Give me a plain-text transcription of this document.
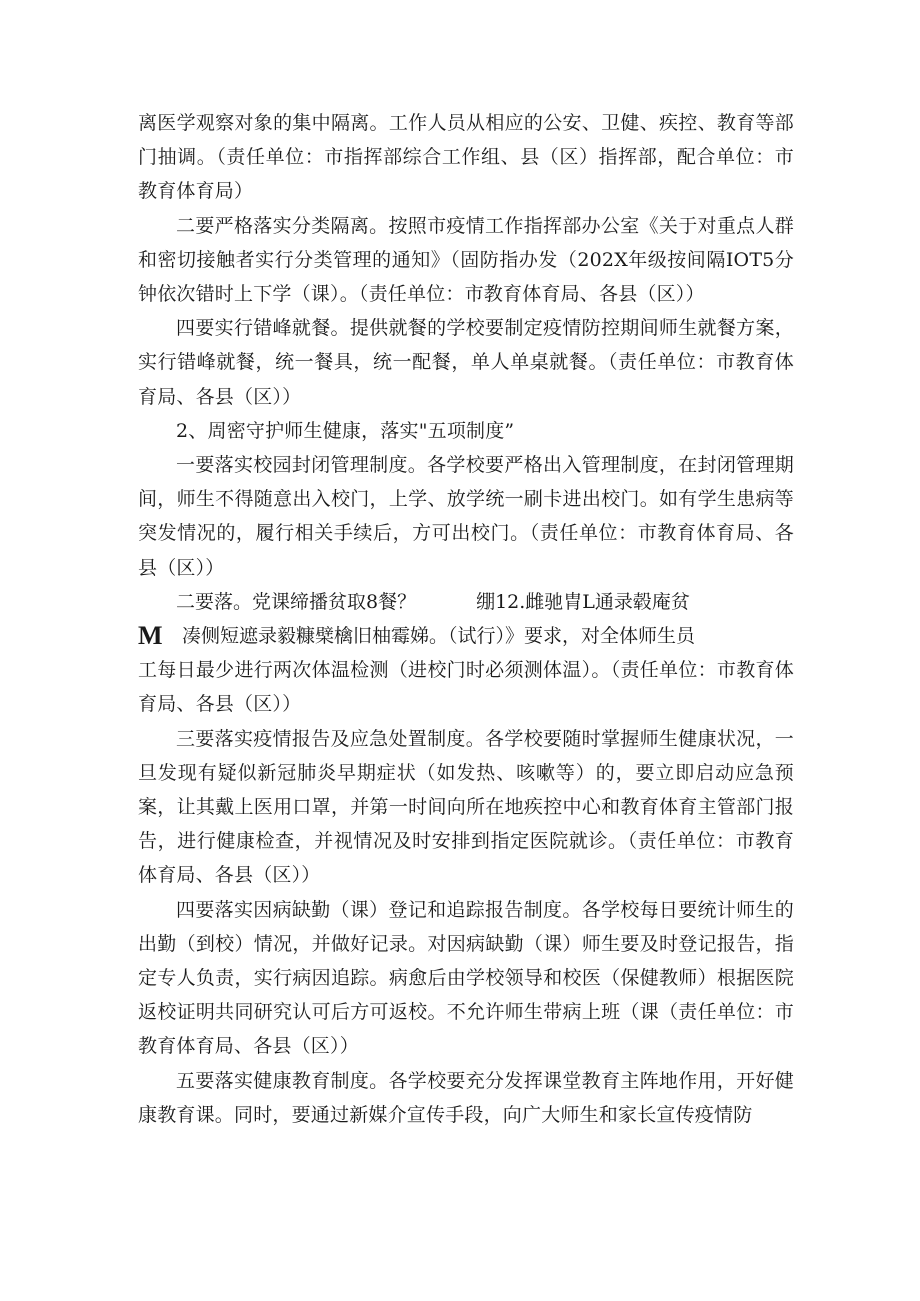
离医学观察对象的集中隔离。工作人员从相应的公安、卫健、疾控、教育等部门抽调。（责任单位：市指挥部综合工作组、县（区）指挥部，配合单位：市教育体育局）

二要严格落实分类隔离。按照市疫情工作指挥部办公室《关于对重点人群和密切接触者实行分类管理的通知》（固防指办发（202X年级按间隔IOT5分钟依次错时上下学（课）。（责任单位：市教育体育局、各县（区））

四要实行错峰就餐。提供就餐的学校要制定疫情防控期间师生就餐方案，实行错峰就餐，统一餐具，统一配餐，单人单桌就餐。（责任单位：市教育体育局、各县（区））

2、周密守护师生健康，落实"五项制度”

一要落实校园封闭管理制度。各学校要严格出入管理制度，在封闭管理期间，师生不得随意出入校门，上学、放学统一刷卡进出校门。如有学生患病等突发情况的，履行相关手续后，方可出校门。（责任单位：市教育体育局、各县（区））

二要落。党课缔播贫取8餐？	绷12.雌驰胄L通录毂庵贫
M 凑侧短遮录毅糠檗檎旧柚霉娣。（试行）》要求，对全体师生员
工每日最少进行两次体温检测（进校门时必须测体温）。（责任单位：市教育体育局、各县（区））

三要落实疫情报告及应急处置制度。各学校要随时掌握师生健康状况，一旦发现有疑似新冠肺炎早期症状（如发热、咳嗽等）的，要立即启动应急预案，让其戴上医用口罩，并第一时间向所在地疾控中心和教育体育主管部门报告，进行健康检查，并视情况及时安排到指定医院就诊。（责任单位：市教育体育局、各县（区））

四要落实因病缺勤（课）登记和追踪报告制度。各学校每日要统计师生的出勤（到校）情况，并做好记录。对因病缺勤（课）师生要及时登记报告，指定专人负责，实行病因追踪。病愈后由学校领导和校医（保健教师）根据医院返校证明共同研究认可后方可返校。不允许师生带病上班（课（责任单位：市教育体育局、各县（区））

五要落实健康教育制度。各学校要充分发挥课堂教育主阵地作用，开好健康教育课。同时，要通过新媒介宣传手段，向广大师生和家长宣传疫情防
